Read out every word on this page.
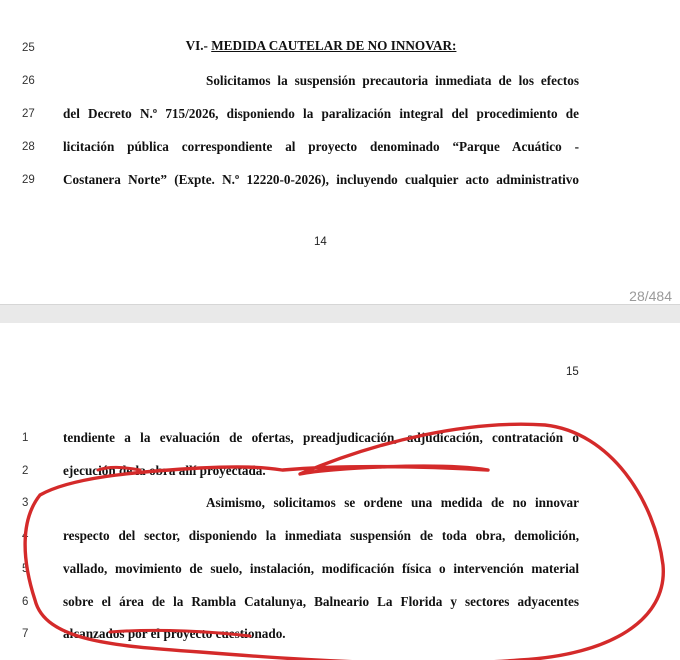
25	VI.- MEDIDA CAUTELAR DE NO INNOVAR:
26	Solicitamos la suspensión precautoria inmediata de los efectos
27	del Decreto N.º 715/2026, disponiendo la paralización integral del procedimiento de
28	licitación pública correspondiente al proyecto denominado “Parque Acuático -
29	Costanera Norte” (Expte. N.º 12220-0-2026), incluyendo cualquier acto administrativo
14
28/484
15
1	tendiente a la evaluación de ofertas, preadjudicación, adjudicación, contratación o
2	ejecución de la obra allí proyectada.
3	Asimismo, solicitamos se ordene una medida de no innovar
4	respecto del sector, disponiendo la inmediata suspensión de toda obra, demolición,
5	vallado, movimiento de suelo, instalación, modificación física o intervención material
6	sobre el área de la Rambla Catalunya, Balneario La Florida y sectores adyacentes
7	alcanzados por el proyecto cuestionado.
